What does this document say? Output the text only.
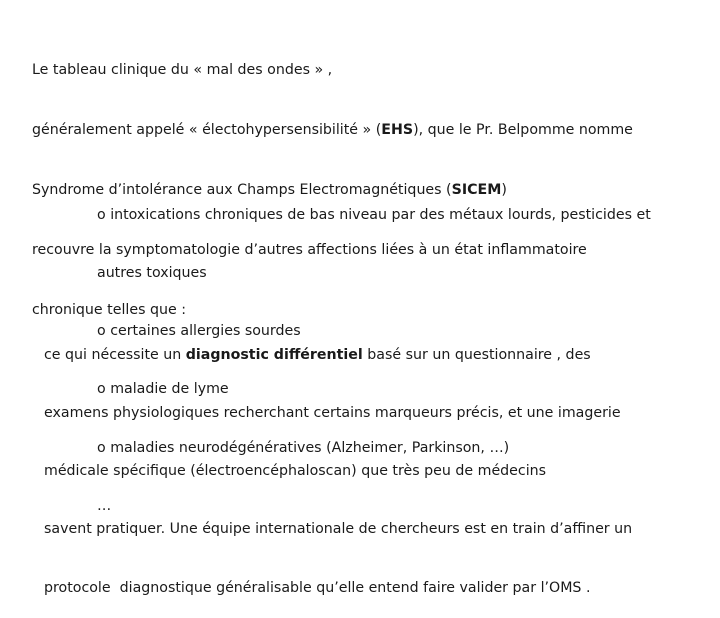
Le tableau clinique du « mal des ondes » ,

généralement appelé « électohypersensibilité » (EHS), que le Pr. Belpomme nomme

Syndrome d’intolérance aux Champs Electromagnétiques (SICEM)

recouvre la symptomatologie d’autres affections liées à un état inflammatoire

chronique telles que :

o intoxications chroniques de bas niveau par des métaux lourds, pesticides et

autres toxiques

o certaines allergies sourdes

o maladie de lyme

o maladies neurodégénératives (Alzheimer, Parkinson, …)

…

ce qui nécessite un diagnostic différentiel basé sur un questionnaire , des

examens physiologiques recherchant certains marqueurs précis, et une imagerie

médicale spécifique (électroencéphaloscan) que très peu de médecins

savent pratiquer. Une équipe internationale de chercheurs est en train d’affiner un

protocole  diagnostique généralisable qu’elle entend faire valider par l’OMS .
